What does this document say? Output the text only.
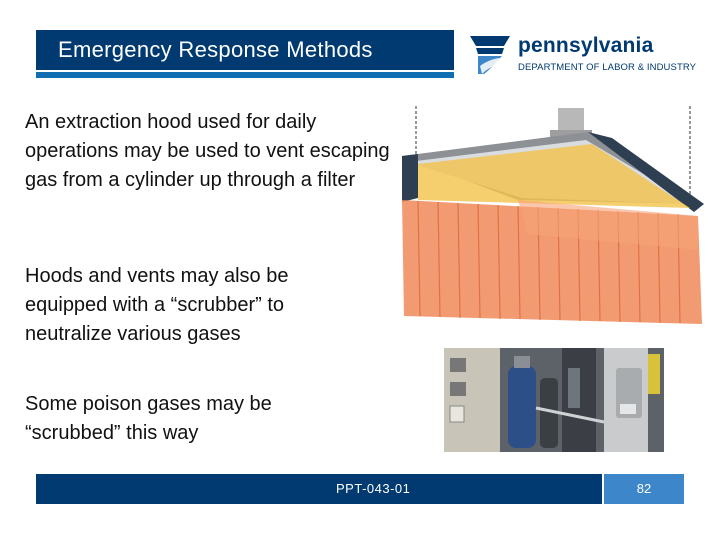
Emergency Response Methods	pennsylvania
DEPARTMENT OF LABOR & INDUSTRY
An extraction hood used for daily operations may be used to vent escaping gas from a cylinder up through a filter
Hoods and vents may also be equipped with a “scrubber” to neutralize various gases
Some poison gases may be “scrubbed” this way
PPT-043-01	82
